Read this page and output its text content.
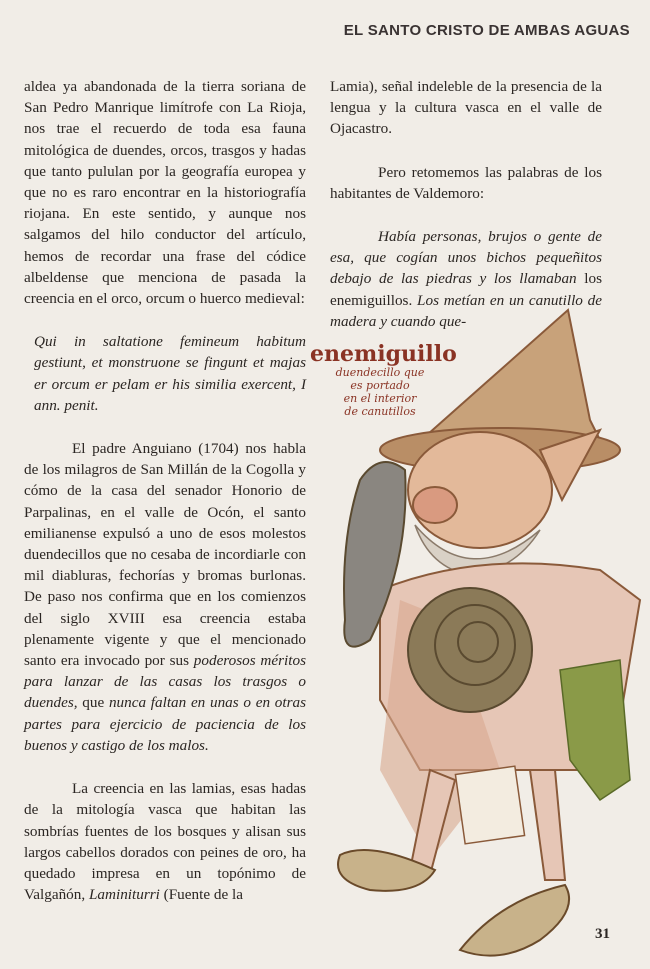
EL SANTO CRISTO DE AMBAS AGUAS

aldea ya abandonada de la tierra soriana de San Pedro Manrique limítrofe con La Rioja, nos trae el recuerdo de toda esa fauna mitológica de duendes, orcos, trasgos y hadas que tanto pululan por la geografía europea y que no es raro encontrar en la historiografía riojana. En este sentido, y aunque nos salgamos del hilo conductor del artículo, hemos de recordar una frase del códice albeldense que menciona de pasada la creencia en el orco, orcum o huerco medieval:

Qui in saltatione femineum habitum gestiunt, et monstruone se fingunt et majas er orcum er pelam er his similia exercent, I ann. penit.

El padre Anguiano (1704) nos habla de los milagros de San Millán de la Cogolla y cómo de la casa del senador Honorio de Parpalinas, en el valle de Ocón, el santo emilianense expulsó a uno de esos molestos duendecillos que no cesaba de incordiarle con mil diabluras, fechorías y bromas burlonas. De paso nos confirma que en los comienzos del siglo XVIII esa creencia estaba plenamente vigente y que el mencionado santo era invocado por sus poderosos méritos para lanzar de las casas los trasgos o duendes, que nunca faltan en unas o en otras partes para ejercicio de paciencia de los buenos y castigo de los malos.

La creencia en las lamias, esas hadas de la mitología vasca que habitan las sombrías fuentes de los bosques y alisan sus largos cabellos dorados con peines de oro, ha quedado impresa en un topónimo de Valgañón, Laminiturri (Fuente de la

Lamia), señal indeleble de la presencia de la lengua y la cultura vasca en el valle de Ojacastro.

Pero retomemos las palabras de los habitantes de Valdemoro:

Había personas, brujos o gente de esa, que cogían unos bichos pequeñitos debajo de las piedras y los llamaban los enemiguillos. Los metían en un canutillo de madera y cuando que-

enemiguillo
duendecillo que
es portado
en el interior
de canutillos
31
